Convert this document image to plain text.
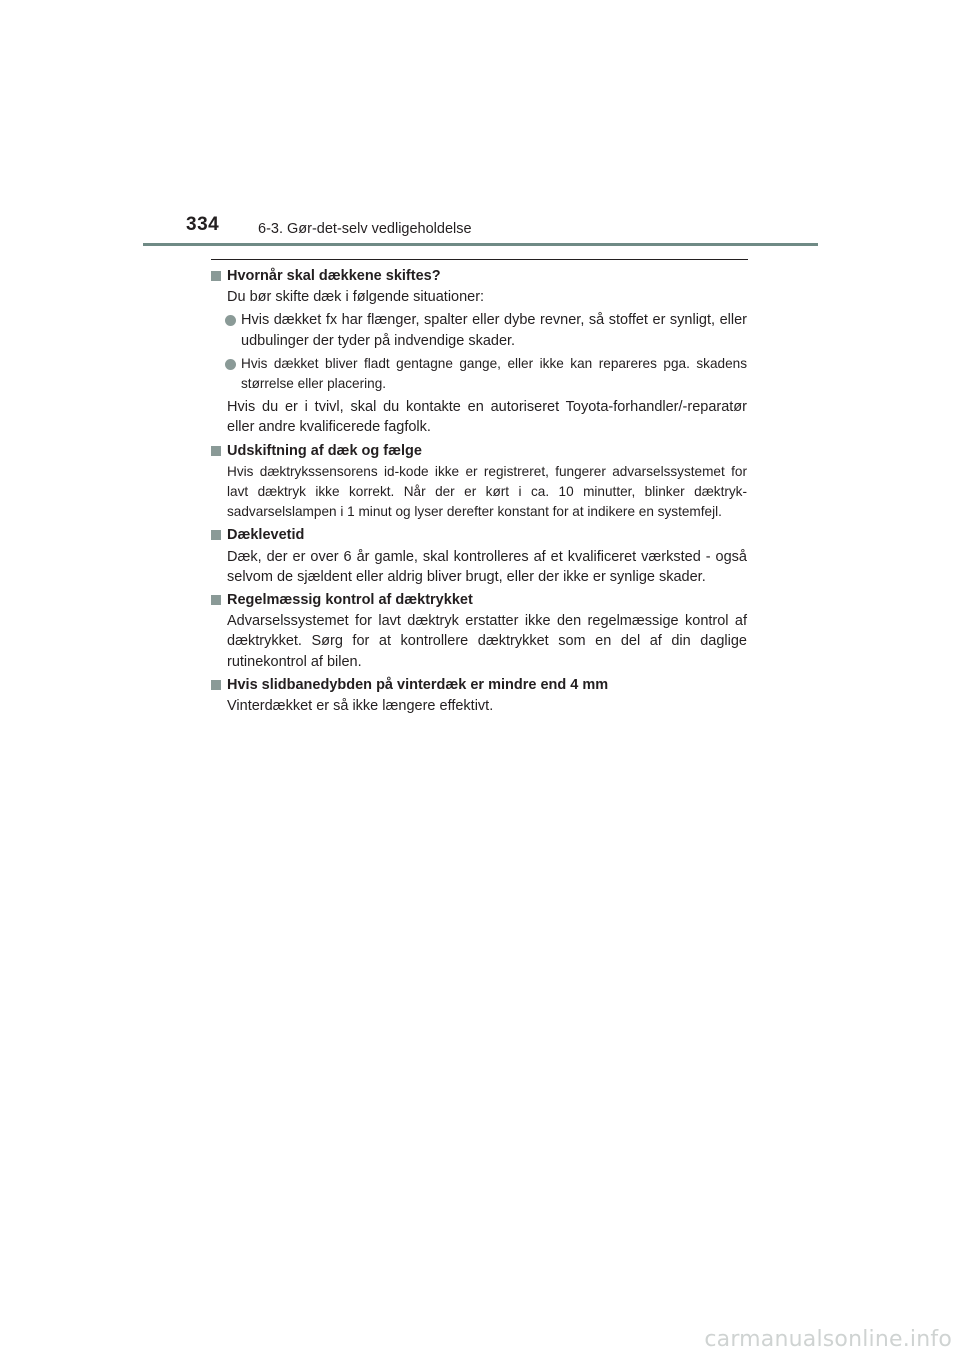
334	6-3. Gør-det-selv vedligeholdelse
Hvornår skal dækkene skiftes?
Du bør skifte dæk i følgende situationer:
Hvis dækket fx har flænger, spalter eller dybe revner, så stoffet er synligt, eller udbulinger der tyder på indvendige skader.
Hvis dækket bliver fladt gentagne gange, eller ikke kan repareres pga. skadens størrelse eller placering.
Hvis du er i tvivl, skal du kontakte en autoriseret Toyota-forhandler/-reparatør eller andre kvalificerede fagfolk.
Udskiftning af dæk og fælge
Hvis dæktrykssensorens id-kode ikke er registreret, fungerer advarselssystemet for lavt dæktryk ikke korrekt. Når der er kørt i ca. 10 minutter, blinker dæktryk-sadvarselslampen i 1 minut og lyser derefter konstant for at indikere en systemfejl.
Dæklevetid
Dæk, der er over 6 år gamle, skal kontrolleres af et kvalificeret værksted - også selvom de sjældent eller aldrig bliver brugt, eller der ikke er synlige skader.
Regelmæssig kontrol af dæktrykket
Advarselssystemet for lavt dæktryk erstatter ikke den regelmæssige kontrol af dæktrykket. Sørg for at kontrollere dæktrykket som en del af din daglige rutinekontrol af bilen.
Hvis slidbanedybden på vinterdæk er mindre end 4 mm
Vinterdækket er så ikke længere effektivt.
carmanualsonline.info
